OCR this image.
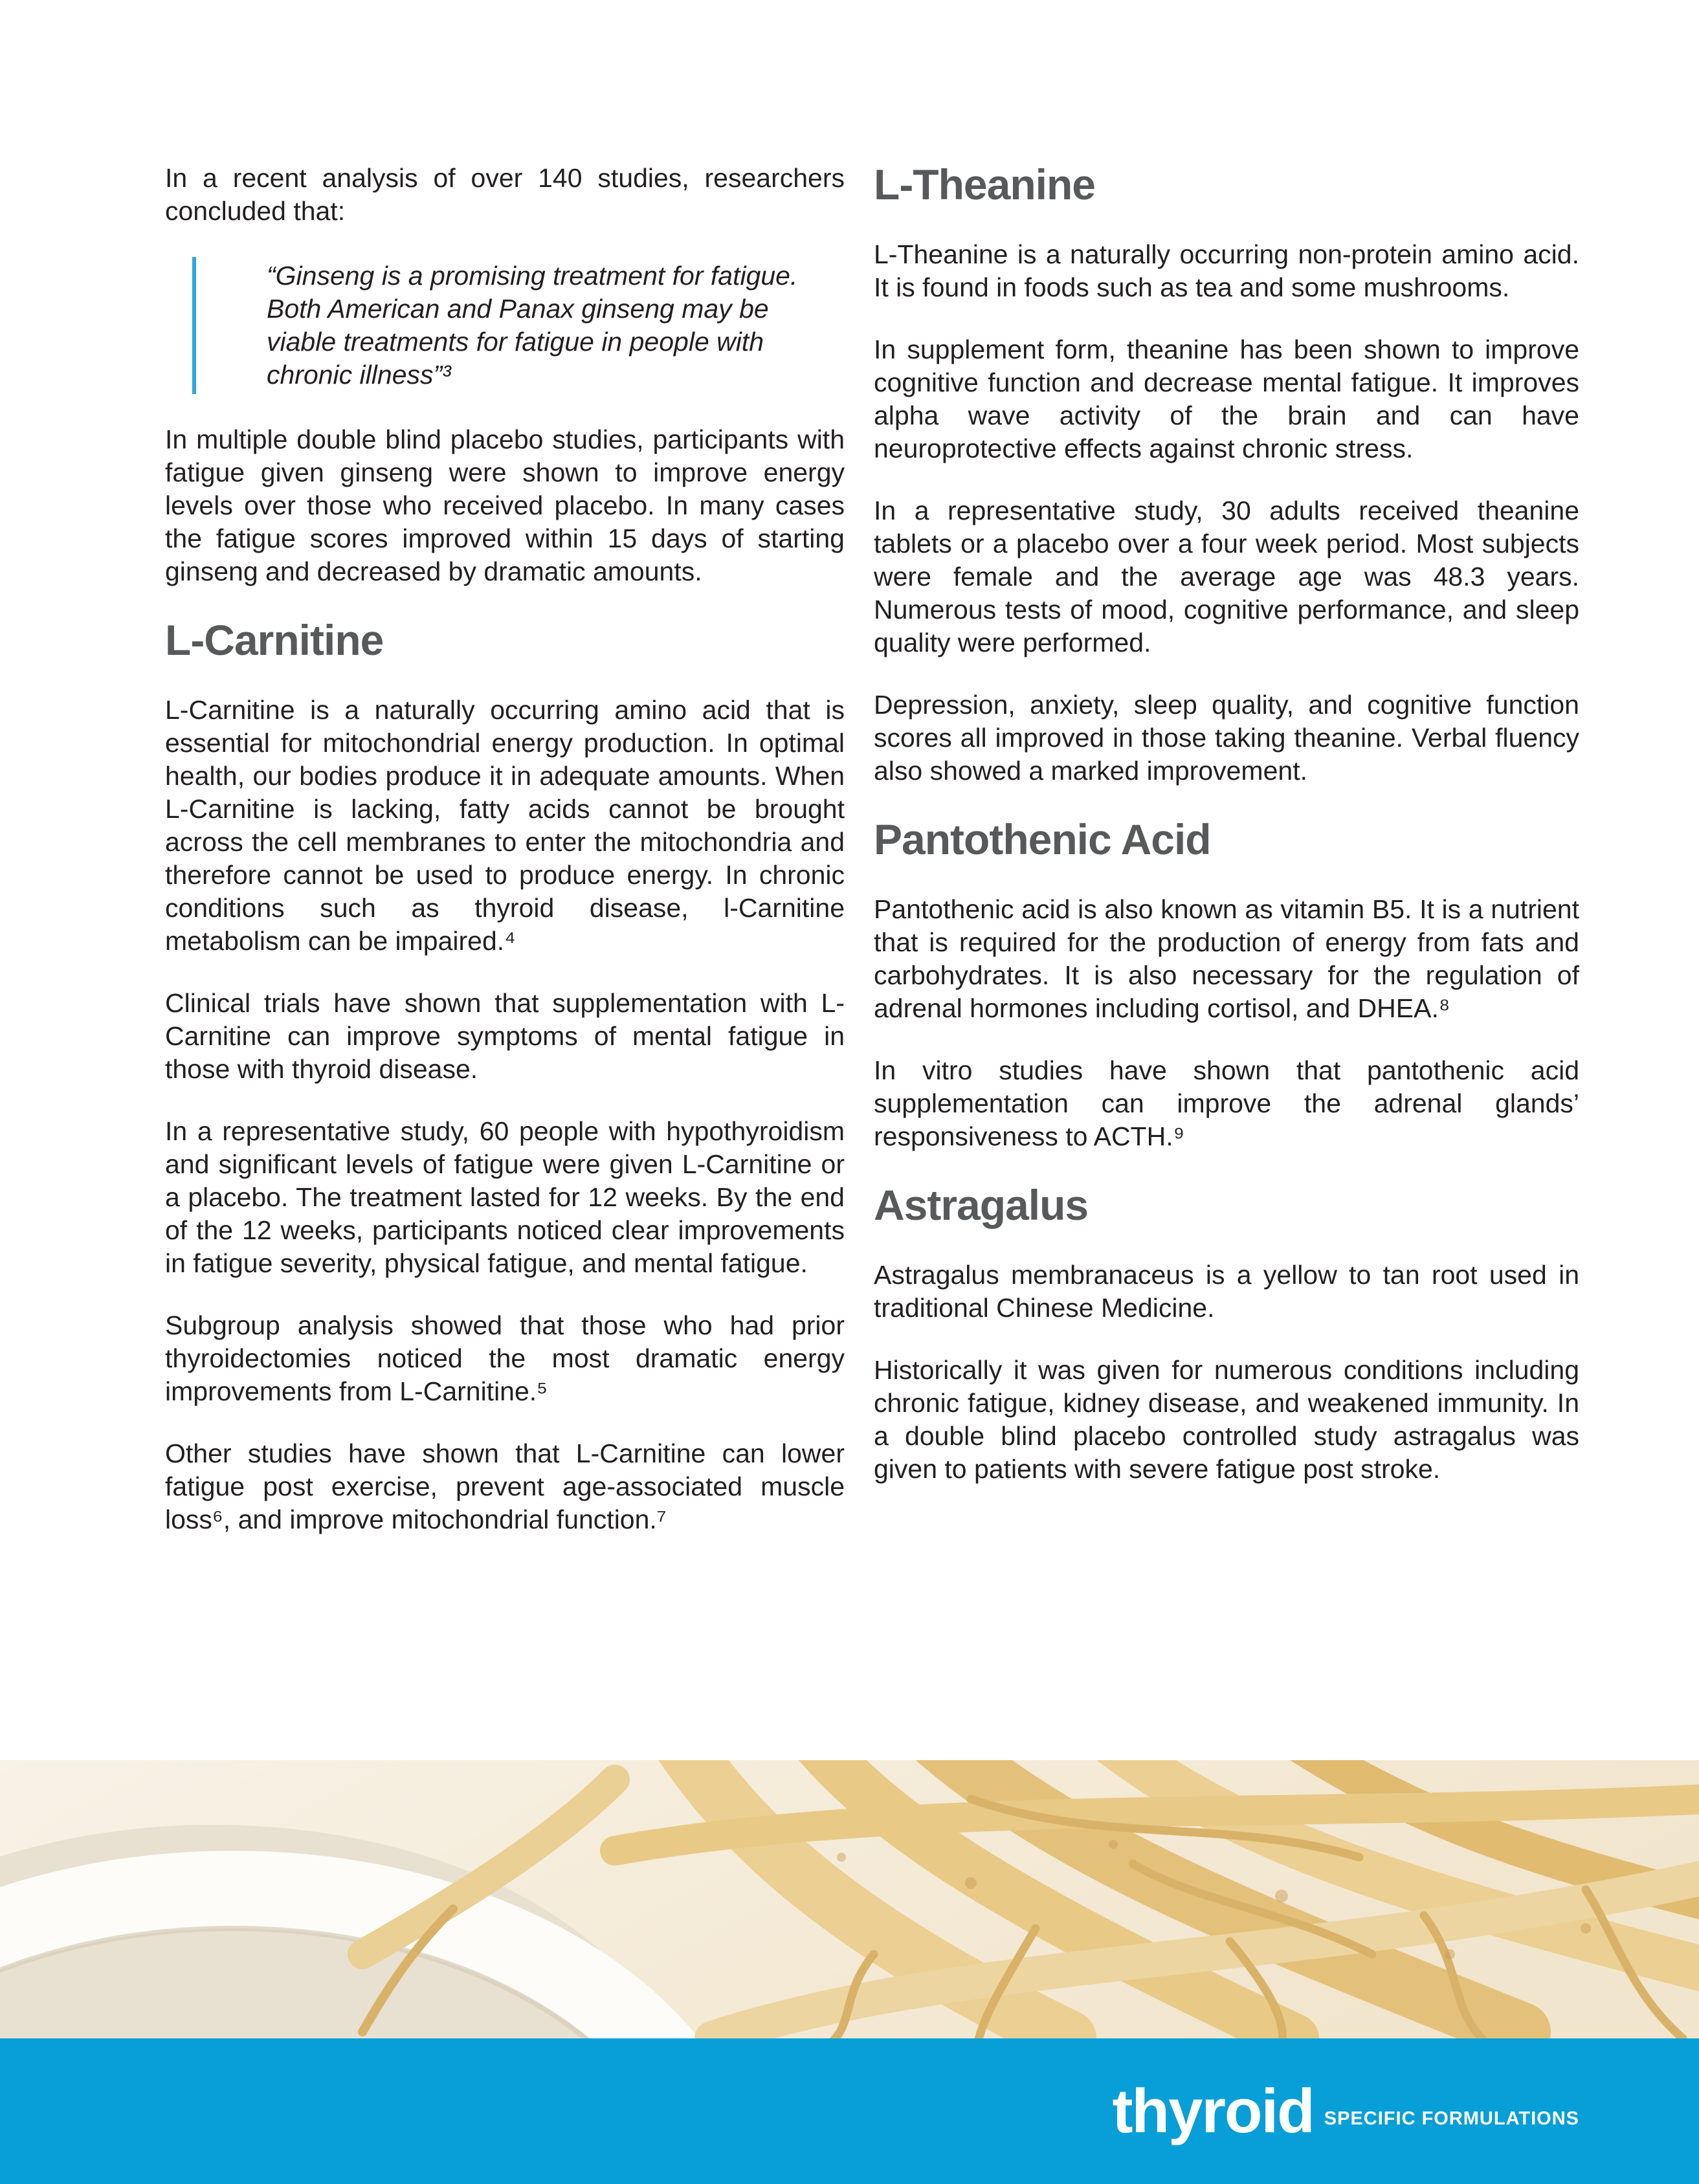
In a recent analysis of over 140 studies, researchers concluded that:

“Ginseng is a promising treatment for fatigue. Both American and Panax ginseng may be viable treatments for fatigue in people with chronic illness”³

In multiple double blind placebo studies, participants with fatigue given ginseng were shown to improve energy levels over those who received placebo. In many cases the fatigue scores improved within 15 days of starting ginseng and decreased by dramatic amounts.

L-Carnitine

L-Carnitine is a naturally occurring amino acid that is essential for mitochondrial energy production. In optimal health, our bodies produce it in adequate amounts. When L-Carnitine is lacking, fatty acids cannot be brought across the cell membranes to enter the mitochondria and therefore cannot be used to produce energy. In chronic conditions such as thyroid disease, l-Carnitine metabolism can be impaired.⁴

Clinical trials have shown that supplementation with L-Carnitine can improve symptoms of mental fatigue in those with thyroid disease.

In a representative study, 60 people with hypothyroidism and significant levels of fatigue were given L-Carnitine or a placebo. The treatment lasted for 12 weeks. By the end of the 12 weeks, participants noticed clear improvements in fatigue severity, physical fatigue, and mental fatigue.

Subgroup analysis showed that those who had prior thyroidectomies noticed the most dramatic energy improvements from L-Carnitine.⁵

Other studies have shown that L-Carnitine can lower fatigue post exercise, prevent age-associated muscle loss⁶, and improve mitochondrial function.⁷

L-Theanine

L-Theanine is a naturally occurring non-protein amino acid. It is found in foods such as tea and some mushrooms.

In supplement form, theanine has been shown to improve cognitive function and decrease mental fatigue. It improves alpha wave activity of the brain and can have neuroprotective effects against chronic stress.

In a representative study, 30 adults received theanine tablets or a placebo over a four week period. Most subjects were female and the average age was 48.3 years. Numerous tests of mood, cognitive performance, and sleep quality were performed.

Depression, anxiety, sleep quality, and cognitive function scores all improved in those taking theanine. Verbal fluency also showed a marked improvement.

Pantothenic Acid

Pantothenic acid is also known as vitamin B5. It is a nutrient that is required for the production of energy from fats and carbohydrates. It is also necessary for the regulation of adrenal hormones including cortisol, and DHEA.⁸

In vitro studies have shown that pantothenic acid supplementation can improve the adrenal glands’ responsiveness to ACTH.⁹

Astragalus

Astragalus membranaceus is a yellow to tan root used in traditional Chinese Medicine.

Historically it was given for numerous conditions including chronic fatigue, kidney disease, and weakened immunity. In a double blind placebo controlled study astragalus was given to patients with severe fatigue post stroke.

thyroid SPECIFIC FORMULATIONS
